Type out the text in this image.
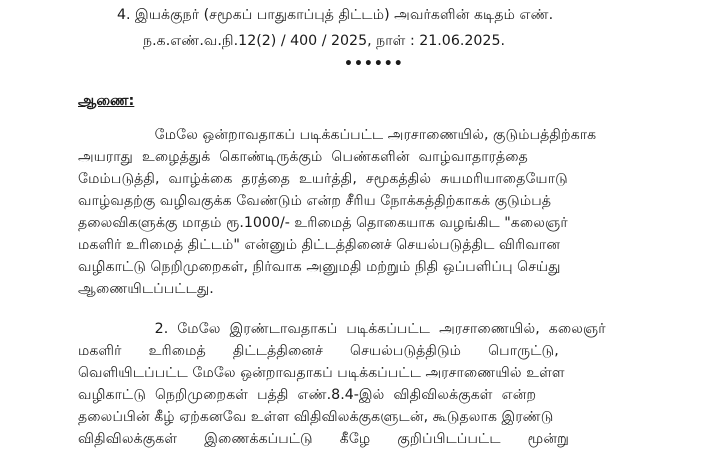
4. இயக்குநர் (சமூகப் பாதுகாப்புத் திட்டம்) அவர்களின் கடிதம் எண்.
ந.க.எண்.வ.நி.12(2) / 400 / 2025, நாள் : 21.06.2025.
••••••
ஆணை:
மேலே ஒன்றாவதாகப் படிக்கப்பட்ட அரசாணையில், குடும்பத்திற்காக
அயராது  உழைத்துக்  கொண்டிருக்கும்  பெண்களின்  வாழ்வாதாரத்தை
மேம்படுத்தி,  வாழ்க்கை  தரத்தை  உயர்த்தி,  சமூகத்தில்  சுயமரியாதையோடு
வாழ்வதற்கு வழிவகுக்க வேண்டும் என்ற சீரிய நோக்கத்திற்காகக் குடும்பத்
தலைவிகளுக்கு மாதம் ரூ.1000/- உரிமைத் தொகையாக வழங்கிட "கலைஞர்
மகளிர் உரிமைத் திட்டம்" என்னும் திட்டத்தினைச் செயல்படுத்திட விரிவான
வழிகாட்டு நெறிமுறைகள், நிர்வாக அனுமதி மற்றும் நிதி ஒப்பளிப்பு செய்து
ஆணையிடப்பட்டது.
2.  மேலே  இரண்டாவதாகப்  படிக்கப்பட்ட  அரசாணையில்,  கலைஞர்
மகளிர்      உரிமைத்      திட்டத்தினைச்      செயல்படுத்திடும்      பொருட்டு,
வெளியிடப்பட்ட மேலே ஒன்றாவதாகப் படிக்கப்பட்ட அரசாணையில் உள்ள
வழிகாட்டு  நெறிமுறைகள்  பத்தி  எண்.8.4-இல்  விதிவிலக்குகள்  என்ற
தலைப்பின் கீழ் ஏற்கனவே உள்ள விதிவிலக்குகளுடன், கூடுதலாக இரண்டு
விதிவிலக்குகள்      இணைக்கப்பட்டு      கீழே      குறிப்பிடப்பட்ட      மூன்று
